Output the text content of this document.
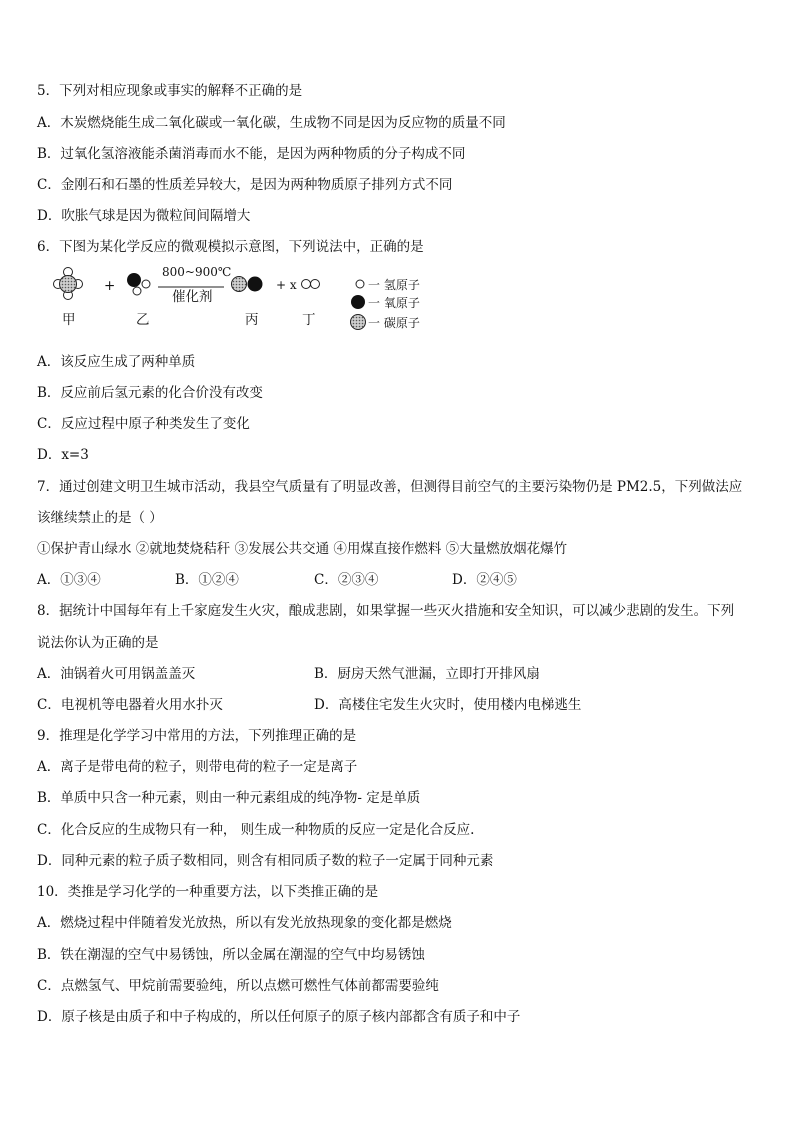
5．下列对相应现象或事实的解释不正确的是
A．木炭燃烧能生成二氧化碳或一氧化碳，生成物不同是因为反应物的质量不同
B．过氧化氢溶液能杀菌消毒而水不能，是因为两种物质的分子构成不同
C．金刚石和石墨的性质差异较大，是因为两种物质原子排列方式不同
D．吹胀气球是因为微粒间间隔增大
6．下图为某化学反应的微观模拟示意图，下列说法中，正确的是
+
800~900℃
催化剂
+ x	一 氢原子
一 氧原子
一 碳原子
甲	乙	丙	丁
A．该反应生成了两种单质
B．反应前后氢元素的化合价没有改变
C．反应过程中原子种类发生了变化
D．x=3
7．通过创建文明卫生城市活动，我县空气质量有了明显改善，但测得目前空气的主要污染物仍是 PM2.5，下列做法应
该继续禁止的是（ ）
①保护青山绿水 ②就地焚烧秸秆 ③发展公共交通 ④用煤直接作燃料 ⑤大量燃放烟花爆竹
A．①③④	B．①②④	C．②③④	D．②④⑤
8．据统计中国每年有上千家庭发生火灾，酿成悲剧，如果掌握一些灭火措施和安全知识，可以减少悲剧的发生。下列
说法你认为正确的是
A．油锅着火可用锅盖盖灭	B．厨房天然气泄漏，立即打开排风扇
C．电视机等电器着火用水扑灭	D．高楼住宅发生火灾时，使用楼内电梯逃生
9．推理是化学学习中常用的方法，下列推理正确的是
A．离子是带电荷的粒子，则带电荷的粒子一定是离子
B．单质中只含一种元素，则由一种元素组成的纯净物- 定是单质
C．化合反应的生成物只有一种， 则生成一种物质的反应一定是化合反应.
D．同种元素的粒子质子数相同，则含有相同质子数的粒子一定属于同种元素
10．类推是学习化学的一种重要方法，以下类推正确的是
A．燃烧过程中伴随着发光放热，所以有发光放热现象的变化都是燃烧
B．铁在潮湿的空气中易锈蚀，所以金属在潮湿的空气中均易锈蚀
C．点燃氢气、甲烷前需要验纯，所以点燃可燃性气体前都需要验纯
D．原子核是由质子和中子构成的，所以任何原子的原子核内部都含有质子和中子
